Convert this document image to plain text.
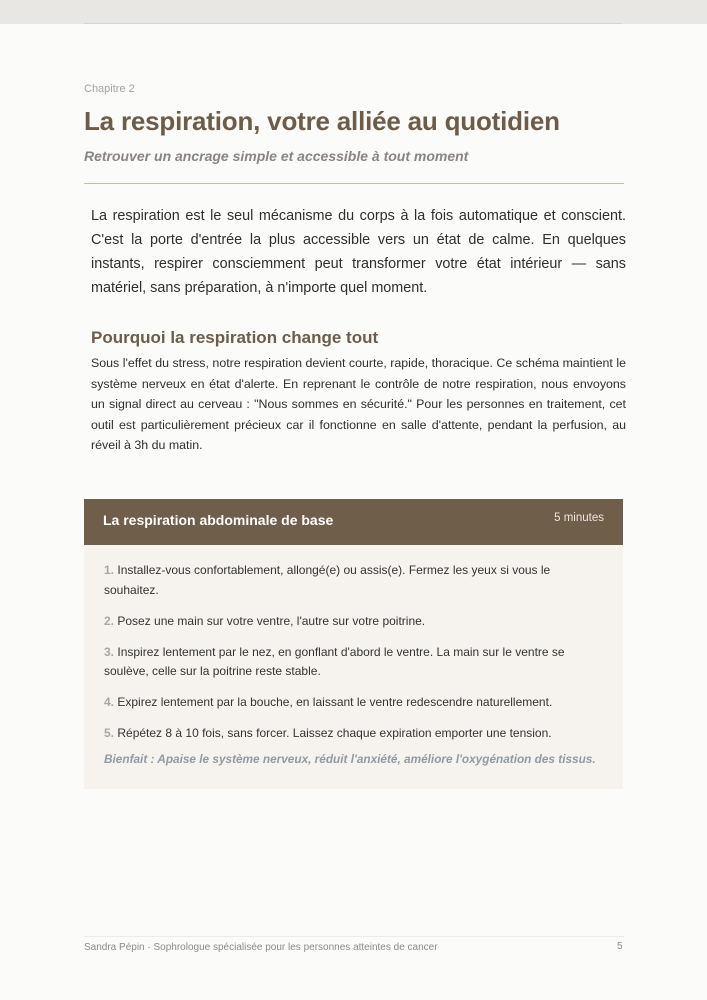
Chapitre 2
La respiration, votre alliée au quotidien
Retrouver un ancrage simple et accessible à tout moment

La respiration est le seul mécanisme du corps à la fois automatique et conscient. C'est la porte d'entrée la plus accessible vers un état de calme. En quelques instants, respirer consciemment peut transformer votre état intérieur — sans matériel, sans préparation, à n'importe quel moment.

Pourquoi la respiration change tout

Sous l'effet du stress, notre respiration devient courte, rapide, thoracique. Ce schéma maintient le système nerveux en état d'alerte. En reprenant le contrôle de notre respiration, nous envoyons un signal direct au cerveau : "Nous sommes en sécurité." Pour les personnes en traitement, cet outil est particulièrement précieux car il fonctionne en salle d'attente, pendant la perfusion, au réveil à 3h du matin.

La respiration abdominale de base	5 minutes
1. Installez-vous confortablement, allongé(e) ou assis(e). Fermez les yeux si vous le souhaitez.
2. Posez une main sur votre ventre, l'autre sur votre poitrine.
3. Inspirez lentement par le nez, en gonflant d'abord le ventre. La main sur le ventre se soulève, celle sur la poitrine reste stable.
4. Expirez lentement par la bouche, en laissant le ventre redescendre naturellement.
5. Répétez 8 à 10 fois, sans forcer. Laissez chaque expiration emporter une tension.

Bienfait : Apaise le système nerveux, réduit l'anxiété, améliore l'oxygénation des tissus.

Sandra Pépin · Sophrologue spécialisée pour les personnes atteintes de cancer	5
